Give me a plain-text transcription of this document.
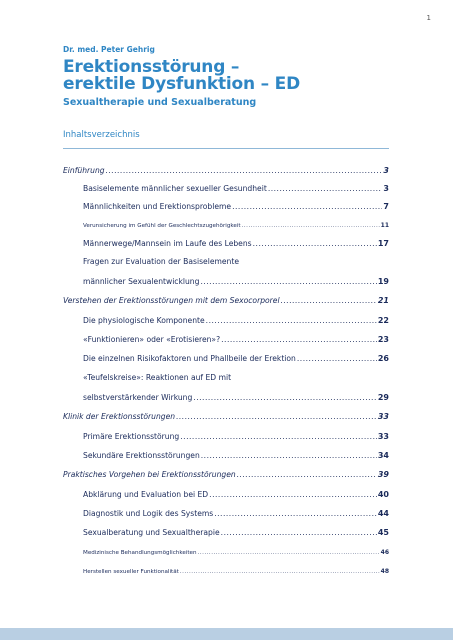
1
Dr. med. Peter Gehrig
Erektionsstörung –
erektile Dysfunktion – ED
Sexualtherapie und Sexualberatung
Inhaltsverzeichnis
Einführung .....	3
Basiselemente männlicher sexueller Gesundheit .....	3
Männlichkeiten und Erektionsprobleme .....	7
Verunsicherung im Gefühl der Geschlechtszugehörigkeit .....	11
Männerwege/Mannsein im Laufe des Lebens .....	17
Fragen zur Evaluation der Basiselemente
männlicher Sexualentwicklung .....	19
Verstehen der Erektionsstörungen mit dem Sexocorporel .....	21
Die physiologische Komponente .....	22
«Funktionieren» oder «Erotisieren»? .....	23
Die einzelnen Risikofaktoren und Phallbeile der Erektion .....	26
«Teufelskreise»: Reaktionen auf ED mit
selbstverstärkender Wirkung .....	29
Klinik der Erektionsstörungen .....	33
Primäre Erektionsstörung .....	33
Sekundäre Erektionsstörungen .....	34
Praktisches Vorgehen bei Erektionsstörungen .....	39
Abklärung und Evaluation bei ED .....	40
Diagnostik und Logik des Systems .....	44
Sexualberatung und Sexualtherapie .....	45
Medizinische Behandlungsmöglichkeiten .....	46
Herstellen sexueller Funktionalität .....	48
